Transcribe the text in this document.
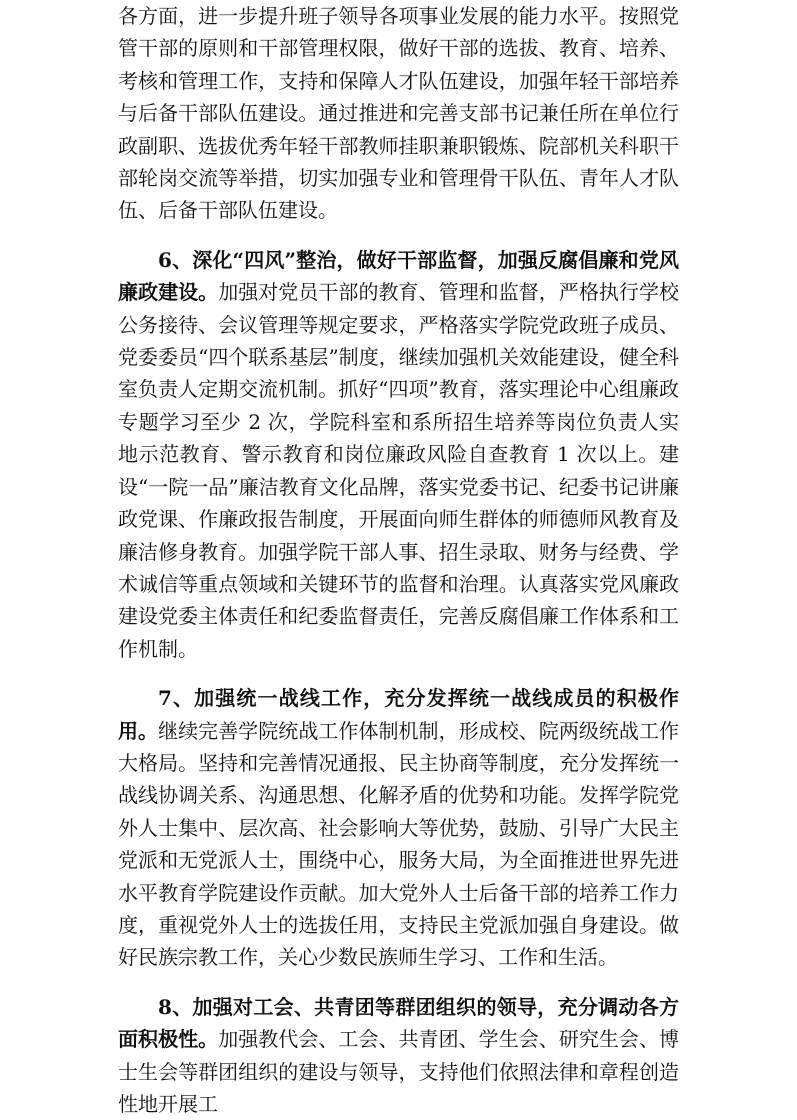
各方面，进一步提升班子领导各项事业发展的能力水平。按照党管干部的原则和干部管理权限，做好干部的选拔、教育、培养、考核和管理工作，支持和保障人才队伍建设，加强年轻干部培养与后备干部队伍建设。通过推进和完善支部书记兼任所在单位行政副职、选拔优秀年轻干部教师挂职兼职锻炼、院部机关科职干部轮岗交流等举措，切实加强专业和管理骨干队伍、青年人才队伍、后备干部队伍建设。

6、深化“四风”整治，做好干部监督，加强反腐倡廉和党风廉政建设。加强对党员干部的教育、管理和监督，严格执行学校公务接待、会议管理等规定要求，严格落实学院党政班子成员、党委委员“四个联系基层”制度，继续加强机关效能建设，健全科室负责人定期交流机制。抓好“四项”教育，落实理论中心组廉政专题学习至少 2 次，学院科室和系所招生培养等岗位负责人实地示范教育、警示教育和岗位廉政风险自查教育 1 次以上。建设“一院一品”廉洁教育文化品牌，落实党委书记、纪委书记讲廉政党课、作廉政报告制度，开展面向师生群体的师德师风教育及廉洁修身教育。加强学院干部人事、招生录取、财务与经费、学术诚信等重点领域和关键环节的监督和治理。认真落实党风廉政建设党委主体责任和纪委监督责任，完善反腐倡廉工作体系和工作机制。

7、加强统一战线工作，充分发挥统一战线成员的积极作用。继续完善学院统战工作体制机制，形成校、院两级统战工作大格局。坚持和完善情况通报、民主协商等制度，充分发挥统一战线协调关系、沟通思想、化解矛盾的优势和功能。发挥学院党外人士集中、层次高、社会影响大等优势，鼓励、引导广大民主党派和无党派人士，围绕中心，服务大局，为全面推进世界先进水平教育学院建设作贡献。加大党外人士后备干部的培养工作力度，重视党外人士的选拔任用，支持民主党派加强自身建设。做好民族宗教工作，关心少数民族师生学习、工作和生活。

8、加强对工会、共青团等群团组织的领导，充分调动各方面积极性。加强教代会、工会、共青团、学生会、研究生会、博士生会等群团组织的建设与领导，支持他们依照法律和章程创造性地开展工
